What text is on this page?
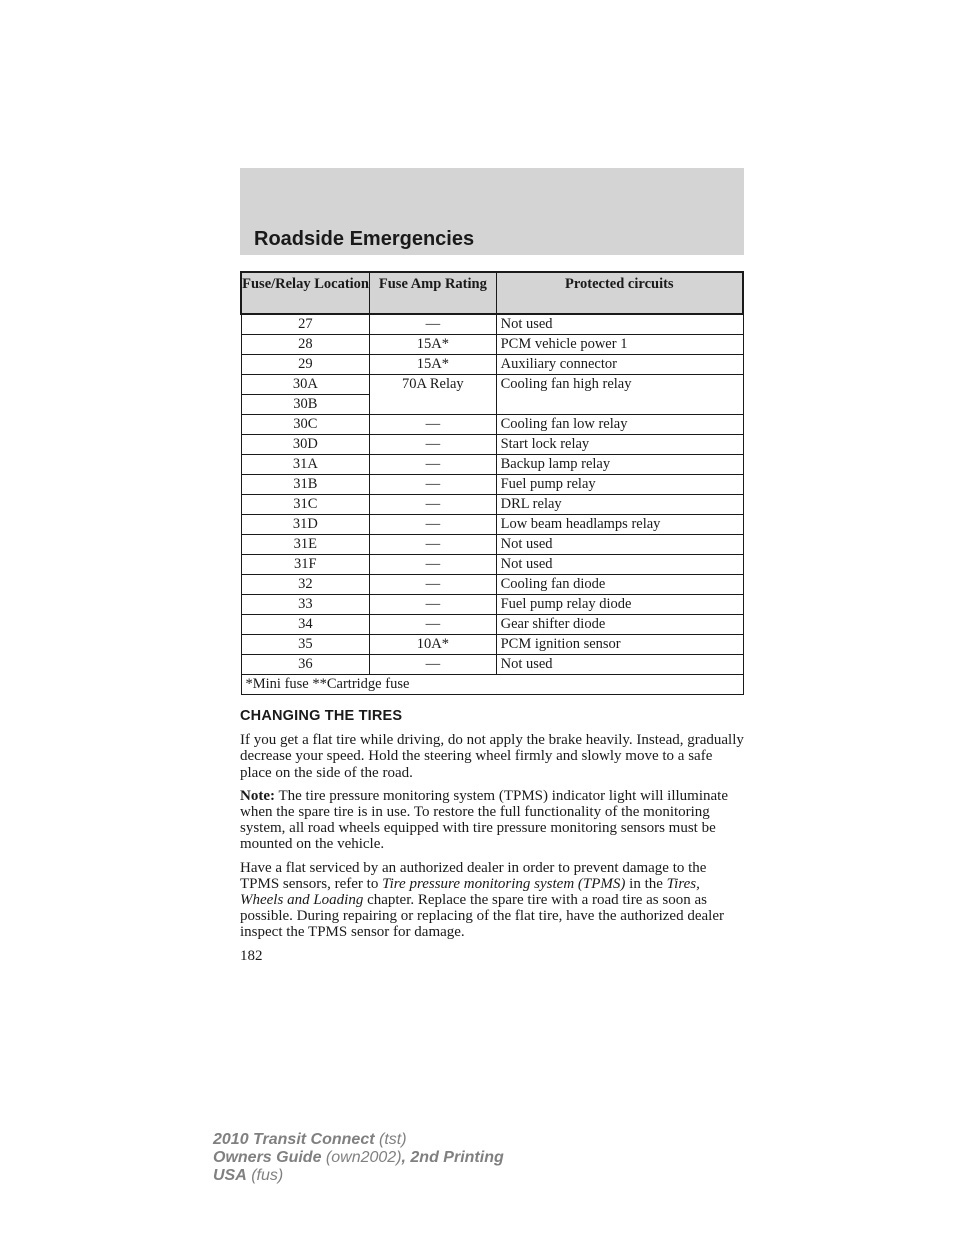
Roadside Emergencies
Fuse/Relay Location	Fuse Amp Rating	Protected circuits
27	—	Not used
28	15A*	PCM vehicle power 1
29	15A*	Auxiliary connector
30A	70A Relay	Cooling fan high relay
30B		
30C	—	Cooling fan low relay
30D	—	Start lock relay
31A	—	Backup lamp relay
31B	—	Fuel pump relay
31C	—	DRL relay
31D	—	Low beam headlamps relay
31E	—	Not used
31F	—	Not used
32	—	Cooling fan diode
33	—	Fuel pump relay diode
34	—	Gear shifter diode
35	10A*	PCM ignition sensor
36	—	Not used
*Mini fuse **Cartridge fuse		
CHANGING THE TIRES

If you get a flat tire while driving, do not apply the brake heavily. Instead, gradually decrease your speed. Hold the steering wheel firmly and slowly move to a safe place on the side of the road.

Note: The tire pressure monitoring system (TPMS) indicator light will illuminate when the spare tire is in use. To restore the full functionality of the monitoring system, all road wheels equipped with tire pressure monitoring sensors must be mounted on the vehicle.

Have a flat serviced by an authorized dealer in order to prevent damage to the TPMS sensors, refer to Tire pressure monitoring system (TPMS) in the Tires, Wheels and Loading chapter. Replace the spare tire with a road tire as soon as possible. During repairing or replacing of the flat tire, have the authorized dealer inspect the TPMS sensor for damage.

182
2010 Transit Connect (tst)
Owners Guide (own2002), 2nd Printing
USA (fus)
